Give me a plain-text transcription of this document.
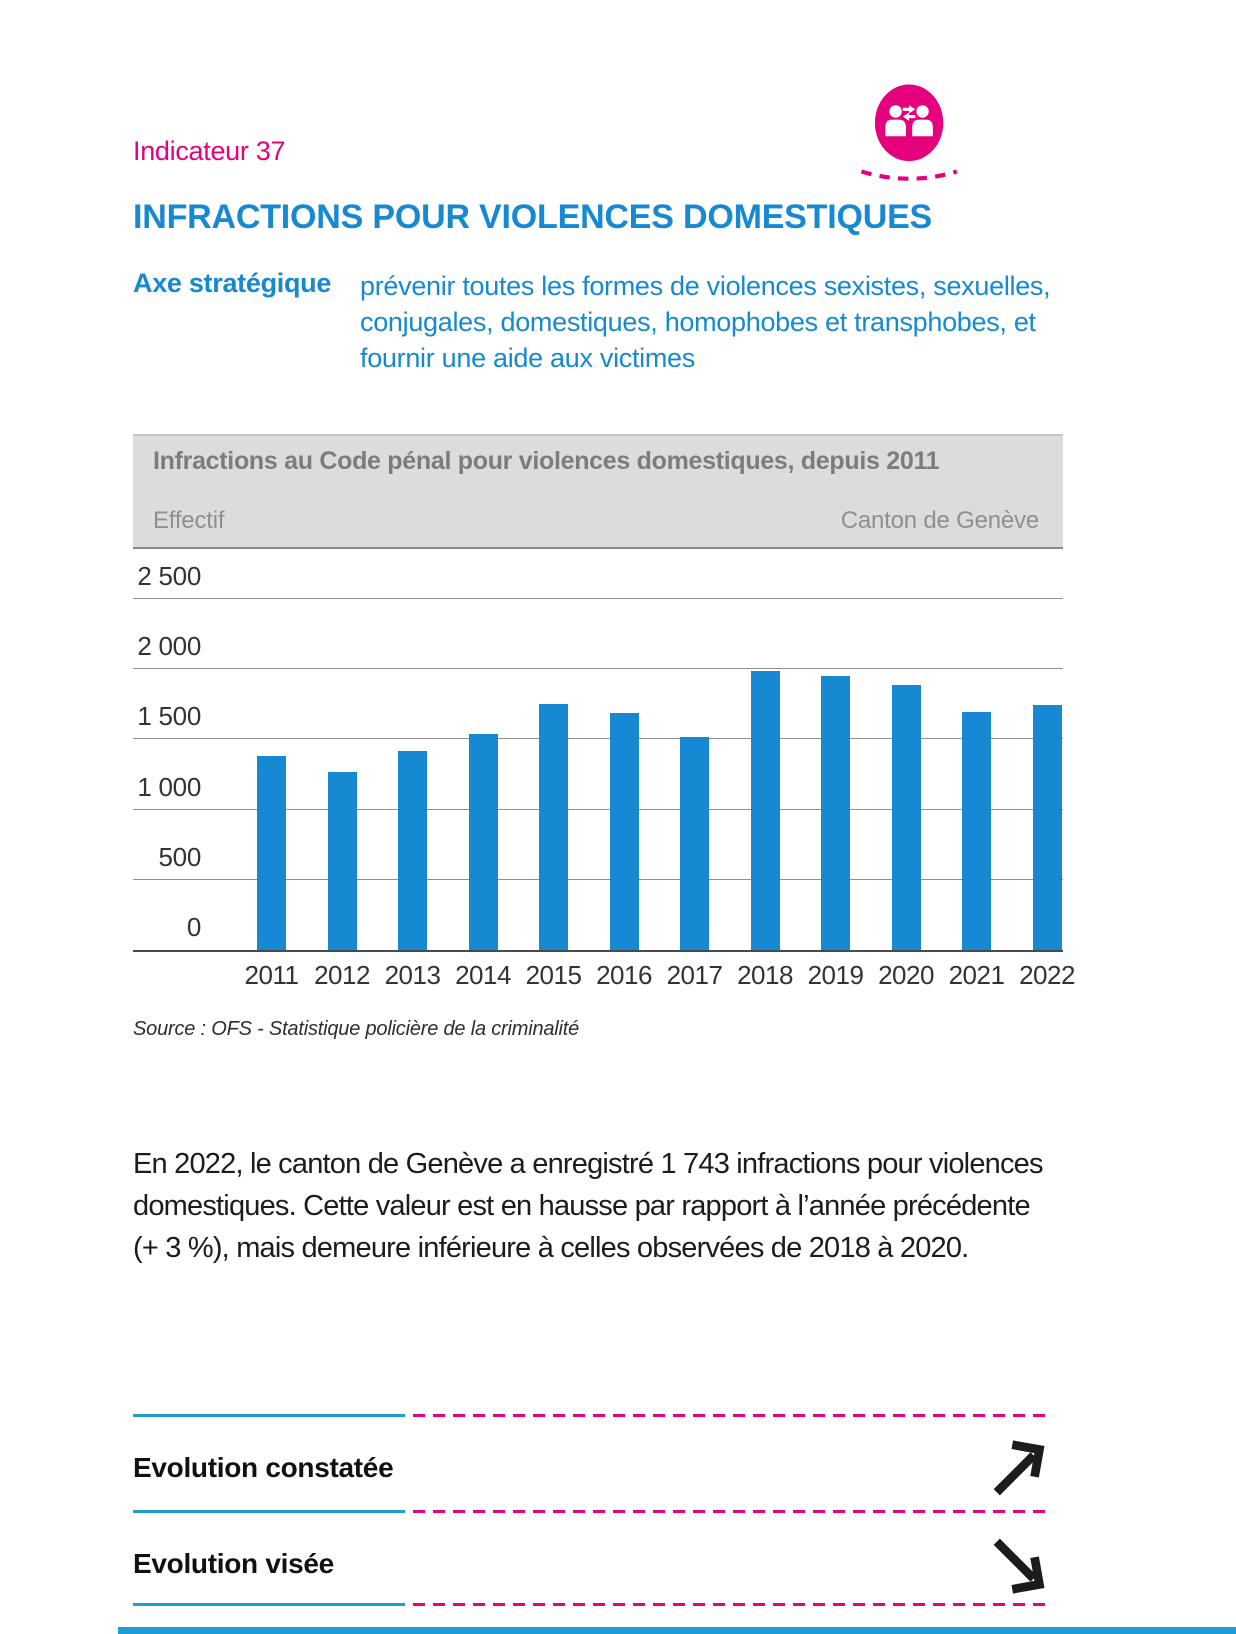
Indicateur 37
INFRACTIONS POUR VIOLENCES DOMESTIQUES
Axe stratégique prévenir toutes les formes de violences sexistes, sexuelles,
conjugales, domestiques, homophobes et transphobes, et
fournir une aide aux victimes
Infractions au Code pénal pour violences domestiques, depuis 2011
Effectif	Canton de Genève
0
500
1 000
1 500
2 000
2 500
2011 2012 2013 2014 2015 2016 2017 2018 2019 2020 2021 2022
Source : OFS - Statistique policière de la criminalité
En 2022, le canton de Genève a enregistré 1 743 infractions pour violences domestiques. Cette valeur est en hausse par rapport à l’année précédente (+ 3 %), mais demeure inférieure à celles observées de 2018 à 2020.
Evolution constatée
Evolution visée
